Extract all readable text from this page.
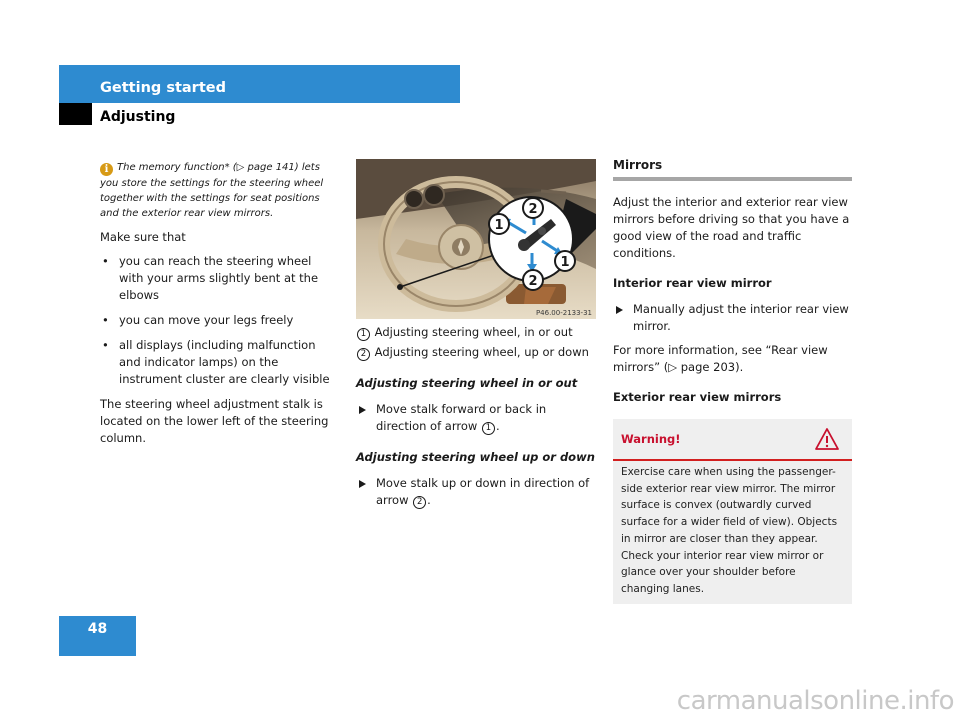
Getting started
Adjusting
i The memory function* (▷ page 141) lets you store the settings for the steering wheel together with the settings for seat positions and the exterior rear view mirrors.

Make sure that

• you can reach the steering wheel with your arms slightly bent at the elbows
• you can move your legs freely
• all displays (including malfunction and indicator lamps) on the instrument cluster are clearly visible

The steering wheel adjustment stalk is located on the lower left of the steering column.

1
2
1
2
P46.00-2133-31
1 Adjusting steering wheel, in or out
2 Adjusting steering wheel, up or down
Adjusting steering wheel in or out
Move stalk forward or back in direction of arrow 1 .
Adjusting steering wheel up or down
Move stalk up or down in direction of arrow 2 .
Mirrors

Adjust the interior and exterior rear view mirrors before driving so that you have a good view of the road and traffic conditions.

Interior rear view mirror

Manually adjust the interior rear view mirror.

For more information, see “Rear view mirrors” (▷ page 203).

Exterior rear view mirrors

Warning!
Exercise care when using the passenger-side exterior rear view mirror. The mirror surface is convex (outwardly curved surface for a wider field of view). Objects in mirror are closer than they appear. Check your interior rear view mirror or glance over your shoulder before changing lanes.
48
carmanualsonline.info
